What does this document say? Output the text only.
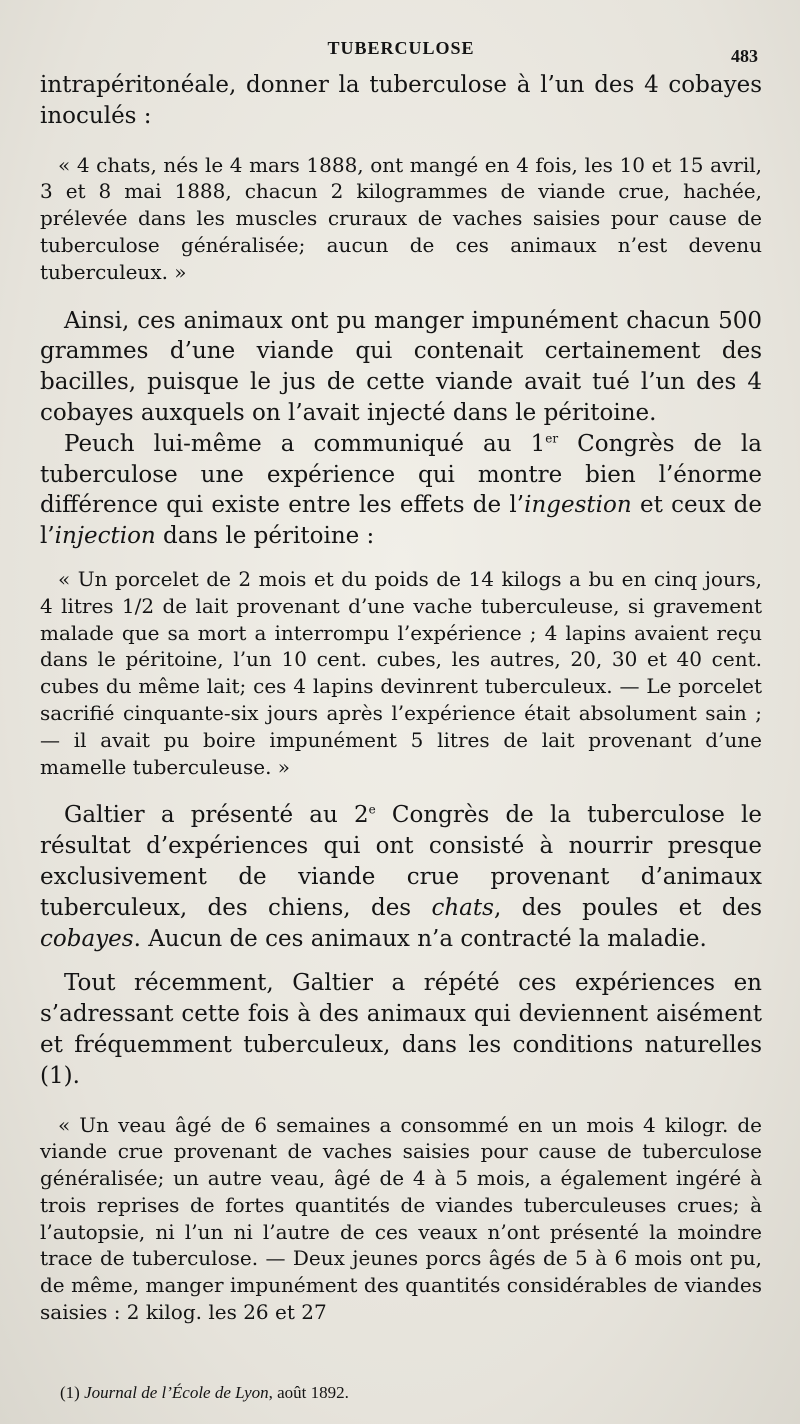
TUBERCULOSE	483

intrapéritonéale, donner la tuberculose à l’un des 4 cobayes inoculés :

« 4 chats, nés le 4 mars 1888, ont mangé en 4 fois, les 10 et 15 avril, 3 et 8 mai 1888, chacun 2 kilogrammes de viande crue, hachée, prélevée dans les muscles cruraux de vaches saisies pour cause de tuberculose généralisée; aucun de ces animaux n’est devenu tuberculeux. »

Ainsi, ces animaux ont pu manger impunément chacun 500 grammes d’une viande qui contenait certainement des bacilles, puisque le jus de cette viande avait tué l’un des 4 cobayes auxquels on l’avait injecté dans le péritoine.

Peuch lui-même a communiqué au 1er Congrès de la tuberculose une expérience qui montre bien l’énorme différence qui existe entre les effets de l’ingestion et ceux de l’injection dans le péritoine :

« Un porcelet de 2 mois et du poids de 14 kilogs a bu en cinq jours, 4 litres 1/2 de lait provenant d’une vache tuberculeuse, si gravement malade que sa mort a interrompu l’expérience ; 4 lapins avaient reçu dans le péritoine, l’un 10 cent. cubes, les autres, 20, 30 et 40 cent. cubes du même lait; ces 4 lapins devinrent tuberculeux. — Le porcelet sacrifié cinquante-six jours après l’expérience était absolument sain ; — il avait pu boire impunément 5 litres de lait provenant d’une mamelle tuberculeuse. »

Galtier a présenté au 2e Congrès de la tuberculose le résultat d’expériences qui ont consisté à nourrir presque exclusivement de viande crue provenant d’animaux tuberculeux, des chiens, des chats, des poules et des cobayes. Aucun de ces animaux n’a contracté la maladie.

Tout récemment, Galtier a répété ces expériences en s’adressant cette fois à des animaux qui deviennent aisément et fréquemment tuberculeux, dans les conditions naturelles (1).

« Un veau âgé de 6 semaines a consommé en un mois 4 kilogr. de viande crue provenant de vaches saisies pour cause de tuberculose généralisée; un autre veau, âgé de 4 à 5 mois, a également ingéré à trois reprises de fortes quantités de viandes tuberculeuses crues; à l’autopsie, ni l’un ni l’autre de ces veaux n’ont présenté la moindre trace de tuberculose. — Deux jeunes porcs âgés de 5 à 6 mois ont pu, de même, manger impunément des quantités considérables de viandes saisies : 2 kilog. les 26 et 27

(1) Journal de l’École de Lyon, août 1892.
